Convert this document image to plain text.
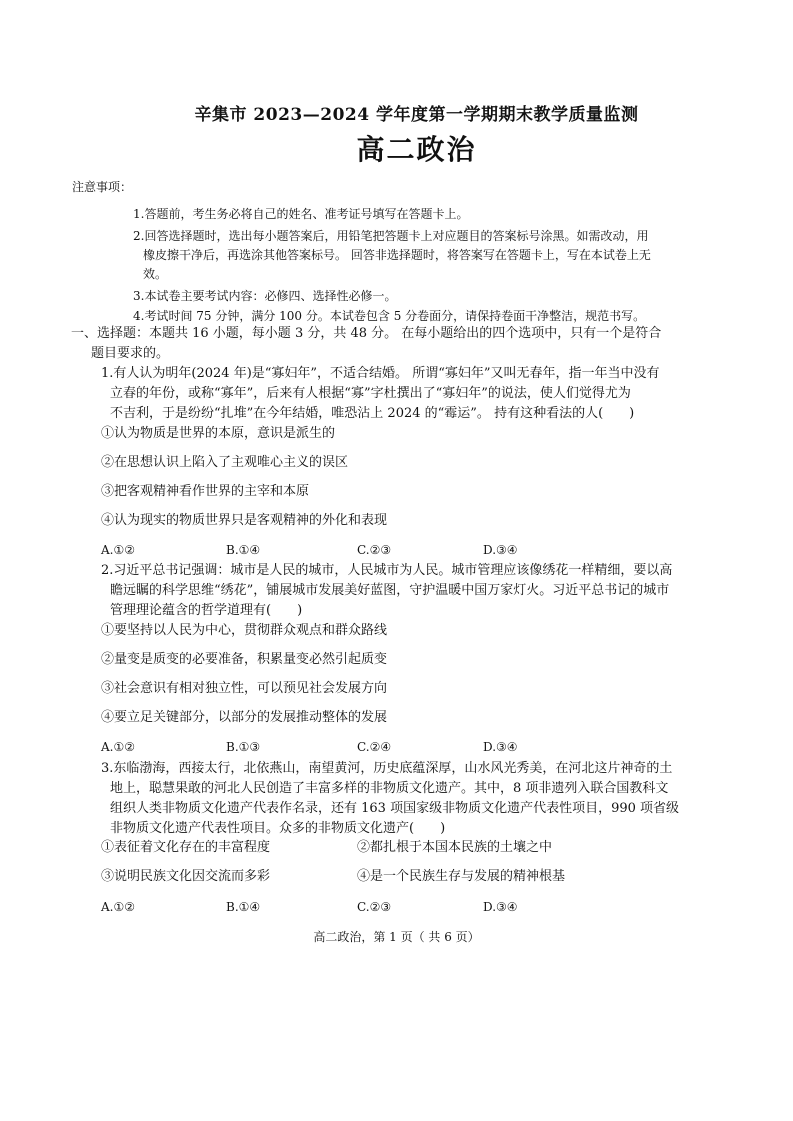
辛集市 2023—2024 学年度第一学期期末教学质量监测
高二政治
注意事项：
1.答题前，考生务必将自己的姓名、准考证号填写在答题卡上。
2.回答选择题时，选出每小题答案后，用铅笔把答题卡上对应题目的答案标号涂黑。如需改动，用
橡皮擦干净后，再选涂其他答案标号。 回答非选择题时，将答案写在答题卡上，写在本试卷上无
效。
3.本试卷主要考试内容：必修四、选择性必修一。
4.考试时间 75 分钟，满分 100 分。本试卷包含 5 分卷面分，请保持卷面干净整洁，规范书写。
一、选择题：本题共 16 小题，每小题 3 分，共 48 分。 在每小题给出的四个选项中，只有一个是符合
题目要求的。
1.有人认为明年(2024 年)是“寡妇年”，不适合结婚。 所谓“寡妇年”又叫无春年，指一年当中没有
立春的年份，或称“寡年”，后来有人根据“寡”字杜撰出了“寡妇年”的说法，使人们觉得尤为
不吉利，于是纷纷“扎堆”在今年结婚，唯恐沾上 2024 的“霉运”。 持有这种看法的人(　　)
①认为物质是世界的本原，意识是派生的
②在思想认识上陷入了主观唯心主义的误区
③把客观精神看作世界的主宰和本原
④认为现实的物质世界只是客观精神的外化和表现
A.①②	B.①④	C.②③	D.③④
2.习近平总书记强调：城市是人民的城市，人民城市为人民。城市管理应该像绣花一样精细，要以高
瞻远瞩的科学思维“绣花”，铺展城市发展美好蓝图，守护温暖中国万家灯火。习近平总书记的城市
管理理论蕴含的哲学道理有(　　)
①要坚持以人民为中心，贯彻群众观点和群众路线
②量变是质变的必要准备，积累量变必然引起质变
③社会意识有相对独立性，可以预见社会发展方向
④要立足关键部分，以部分的发展推动整体的发展
A.①②	B.①③	C.②④	D.③④
3.东临渤海，西接太行，北依燕山，南望黄河，历史底蕴深厚，山水风光秀美，在河北这片神奇的土
地上，聪慧果敢的河北人民创造了丰富多样的非物质文化遗产。其中，8 项非遗列入联合国教科文
组织人类非物质文化遗产代表作名录，还有 163 项国家级非物质文化遗产代表性项目，990 项省级
非物质文化遗产代表性项目。众多的非物质文化遗产(　　)
①表征着文化存在的丰富程度	②都扎根于本国本民族的土壤之中
③说明民族文化因交流而多彩	④是一个民族生存与发展的精神根基
A.①②	B.①④	C.②③	D.③④
高二政治，第 1 页（ 共 6 页）
